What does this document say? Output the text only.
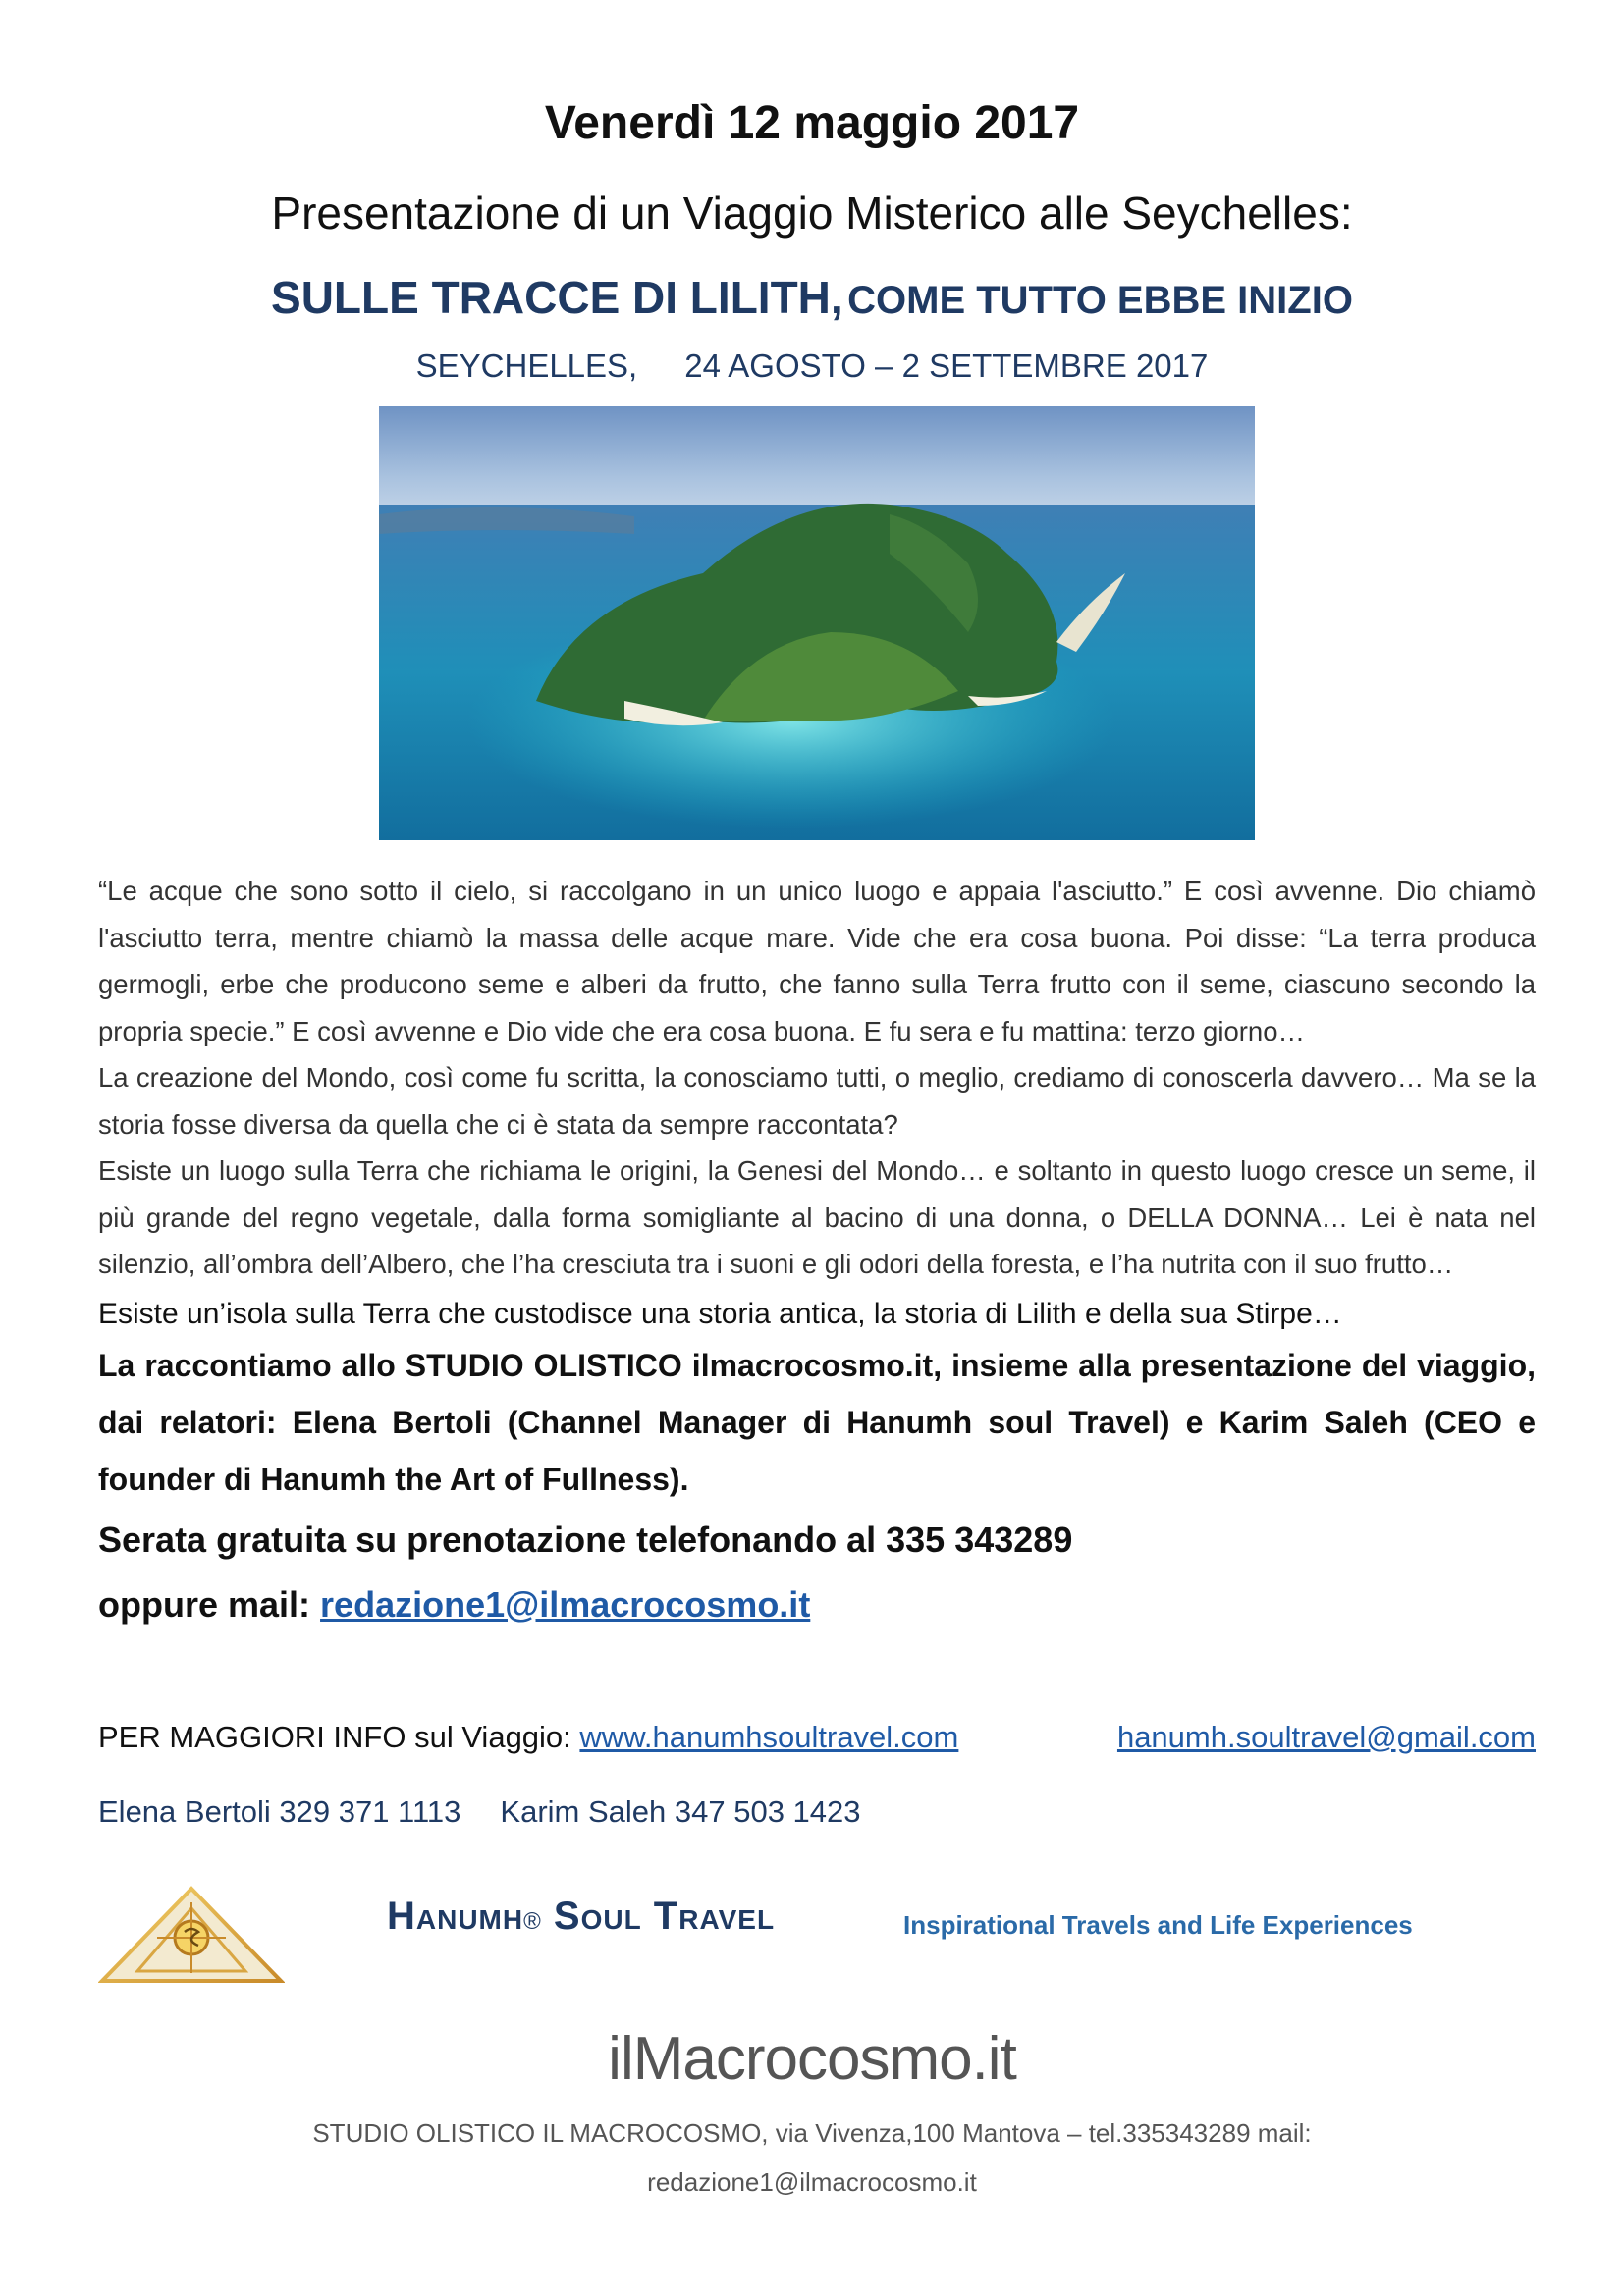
Venerdì 12 maggio 2017
Presentazione di un Viaggio Misterico alle Seychelles:
SULLE TRACCE DI LILITH, COME TUTTO EBBE INIZIO
SEYCHELLES, 24 AGOSTO – 2 SETTEMBRE 2017

“Le acque che sono sotto il cielo, si raccolgano in un unico luogo e appaia l'asciutto.” E così avvenne. Dio chiamò l'asciutto terra, mentre chiamò la massa delle acque mare. Vide che era cosa buona. Poi disse: “La terra produca germogli, erbe che producono seme e alberi da frutto, che fanno sulla Terra frutto con il seme, ciascuno secondo la propria specie.” E così avvenne e Dio vide che era cosa buona. E fu sera e fu mattina: terzo giorno…

La creazione del Mondo, così come fu scritta, la conosciamo tutti, o meglio, crediamo di conoscerla davvero… Ma se la storia fosse diversa da quella che ci è stata da sempre raccontata?

Esiste un luogo sulla Terra che richiama le origini, la Genesi del Mondo… e soltanto in questo luogo cresce un seme, il più grande del regno vegetale, dalla forma somigliante al bacino di una donna, o DELLA DONNA… Lei è nata nel silenzio, all’ombra dell’Albero, che l’ha cresciuta tra i suoni e gli odori della foresta, e l’ha nutrita con il suo frutto…

Esiste un’isola sulla Terra che custodisce una storia antica, la storia di Lilith e della sua Stirpe…

La raccontiamo allo STUDIO OLISTICO ilmacrocosmo.it, insieme alla presentazione del viaggio, dai relatori: Elena Bertoli (Channel Manager di Hanumh soul Travel) e Karim Saleh (CEO e founder di Hanumh the Art of Fullness).

Serata gratuita su prenotazione telefonando al 335 343289
oppure mail: redazione1@ilmacrocosmo.it
PER MAGGIORI INFO sul Viaggio: www.hanumhsoultravel.com	hanumh.soultravel@gmail.com
Elena Bertoli 329 371 1113 Karim Saleh 347 503 1423
Hanumh® Soul Travel	Inspirational Travels and Life Experiences
ilMacrocosmo.it
STUDIO OLISTICO IL MACROCOSMO, via Vivenza,100 Mantova – tel.335343289 mail:
redazione1@ilmacrocosmo.it
